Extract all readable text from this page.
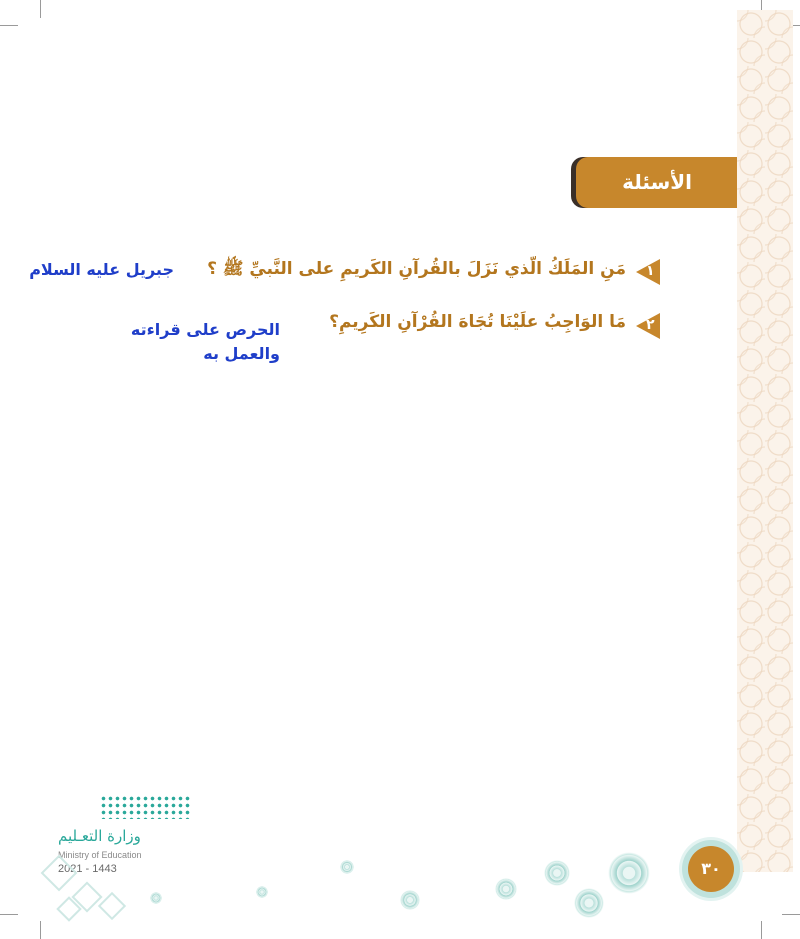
الأسئلة
١
مَنِ المَلَكُ الّذي نَزَلَ بالقُرآنِ الكَريمِ على النَّبيِّ ﷺ ؟
جبريل عليه السلام
٢
مَا الوَاجِبُ علَيْنَا تُجَاهَ القُرْآنِ الكَرِيمِ؟
الحرص على قراءته
والعمل به
وزارة التعـليم
Ministry of Education
2021 - 1443	٣٠
